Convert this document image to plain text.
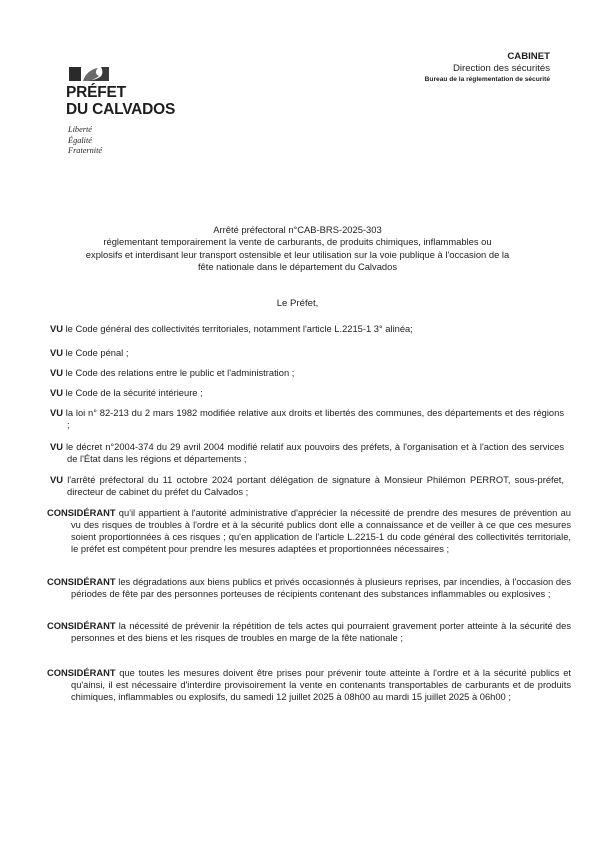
PRÉFET
DU CALVADOS
Liberté
Égalité
Fraternité
CABINET
Direction des sécurités
Bureau de la réglementation de sécurité
Arrêté préfectoral n°CAB-BRS-2025-303
réglementant temporairement la vente de carburants, de produits chimiques, inflammables ou
explosifs et interdisant leur transport ostensible et leur utilisation sur la voie publique à l'occasion de la
fête nationale dans le département du Calvados
Le Préfet,
VU le Code général des collectivités territoriales, notamment l'article L.2215-1 3° alinéa;
VU le Code pénal ;
VU le Code des relations entre le public et l'administration ;
VU le Code de la sécurité intérieure ;
VU la loi n° 82-213 du 2 mars 1982 modifiée relative aux droits et libertés des communes, des départements et des régions ;
VU le décret n°2004-374 du 29 avril 2004 modifié relatif aux pouvoirs des préfets, à l'organisation et à l'action des services de l'État dans les régions et départements ;
VU l'arrêté préfectoral du 11 octobre 2024 portant délégation de signature à Monsieur Philémon PERROT, sous-préfet, directeur de cabinet du préfet du Calvados ;
CONSIDÉRANT qu'il appartient à l'autorité administrative d'apprécier la nécessité de prendre des mesures de prévention au vu des risques de troubles à l'ordre et à la sécurité publics dont elle a connaissance et de veiller à ce que ces mesures soient proportionnées à ces risques ; qu'en application de l'article L.2215-1 du code général des collectivités territoriale, le préfet est compétent pour prendre les mesures adaptées et proportionnées nécessaires ;
CONSIDÉRANT les dégradations aux biens publics et privés occasionnés à plusieurs reprises, par incendies, à l'occasion des périodes de fête par des personnes porteuses de récipients contenant des substances inflammables ou explosives ;
CONSIDÉRANT la nécessité de prévenir la répétition de tels actes qui pourraient gravement porter atteinte à la sécurité des personnes et des biens et les risques de troubles en marge de la fête nationale ;
CONSIDÉRANT que toutes les mesures doivent être prises pour prévenir toute atteinte à l'ordre et à la sécurité publics et qu'ainsi, il est nécessaire d'interdire provisoirement la vente en contenants transportables de carburants et de produits chimiques, inflammables ou explosifs, du samedi 12 juillet 2025 à 08h00 au mardi 15 juillet 2025 à 06h00 ;
